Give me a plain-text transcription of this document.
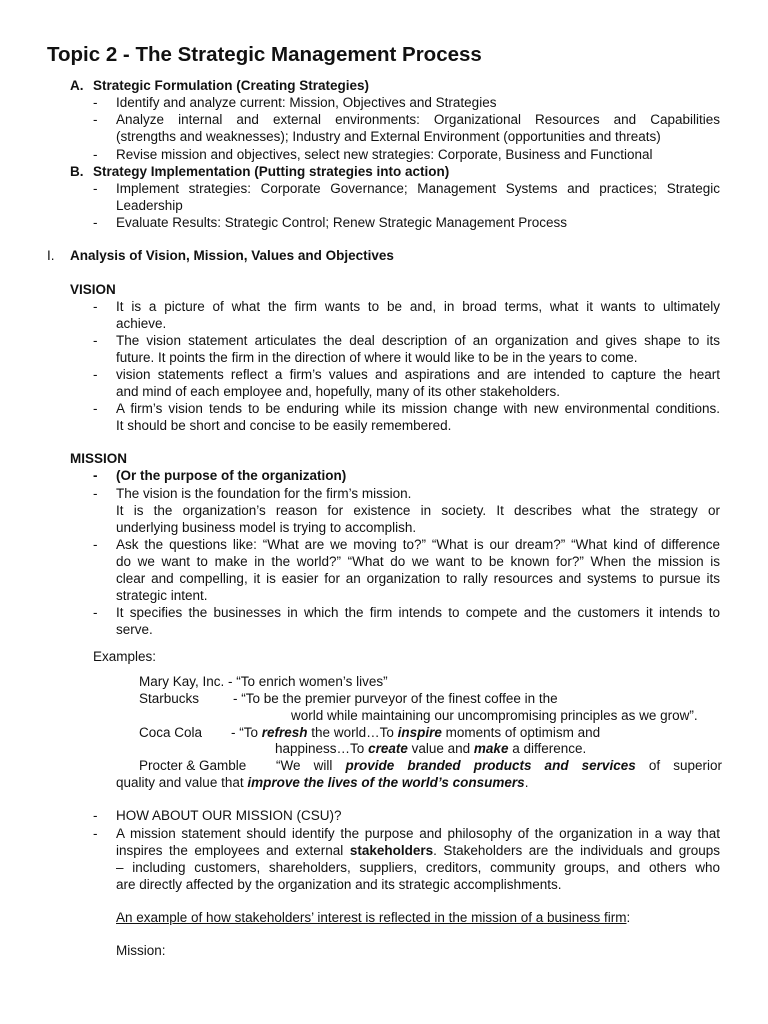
Topic 2 - The Strategic Management Process
A. Strategic Formulation (Creating Strategies)
- Identify and analyze current: Mission, Objectives and Strategies
- Analyze internal and external environments: Organizational Resources and Capabilities
(strengths and weaknesses); Industry and External Environment (opportunities and threats)
- Revise mission and objectives, select new strategies: Corporate, Business and Functional
B. Strategy Implementation (Putting strategies into action)
- Implement strategies: Corporate Governance; Management Systems and practices; Strategic
Leadership
- Evaluate Results: Strategic Control; Renew Strategic Management Process
I. Analysis of Vision, Mission, Values and Objectives
VISION
- It is a picture of what the firm wants to be and, in broad terms, what it wants to ultimately
achieve.
- The vision statement articulates the deal description of an organization and gives shape to its
future. It points the firm in the direction of where it would like to be in the years to come.
- vision statements reflect a firm’s values and aspirations and are intended to capture the heart
and mind of each employee and, hopefully, many of its other stakeholders.
- A firm’s vision tends to be enduring while its mission change with new environmental conditions.
It should be short and concise to be easily remembered.
MISSION
- (Or the purpose of the organization)
- The vision is the foundation for the firm’s mission.
It is the organization’s reason for existence in society. It describes what the strategy or
underlying business model is trying to accomplish.
- Ask the questions like: “What are we moving to?” “What is our dream?” “What kind of difference
do we want to make in the world?” “What do we want to be known for?” When the mission is
clear and compelling, it is easier for an organization to rally resources and systems to pursue its
strategic intent.
- It specifies the businesses in which the firm intends to compete and the customers it intends to
serve.
Examples:
Mary Kay, Inc. - “To enrich women’s lives”
Starbucks	- “To be the premier purveyor of the finest coffee in the
world while maintaining our uncompromising principles as we grow”.
Coca Cola - “To refresh the world…To inspire moments of optimism and
happiness…To create value and make a difference.
Procter & Gamble “We will provide branded products and services of superior
quality and value that improve the lives of the world’s consumers.
- HOW ABOUT OUR MISSION (CSU)?
- A mission statement should identify the purpose and philosophy of the organization in a way that
inspires the employees and external stakeholders. Stakeholders are the individuals and groups
– including customers, shareholders, suppliers, creditors, community groups, and others who
are directly affected by the organization and its strategic accomplishments.
An example of how stakeholders’ interest is reflected in the mission of a business firm:
Mission:
